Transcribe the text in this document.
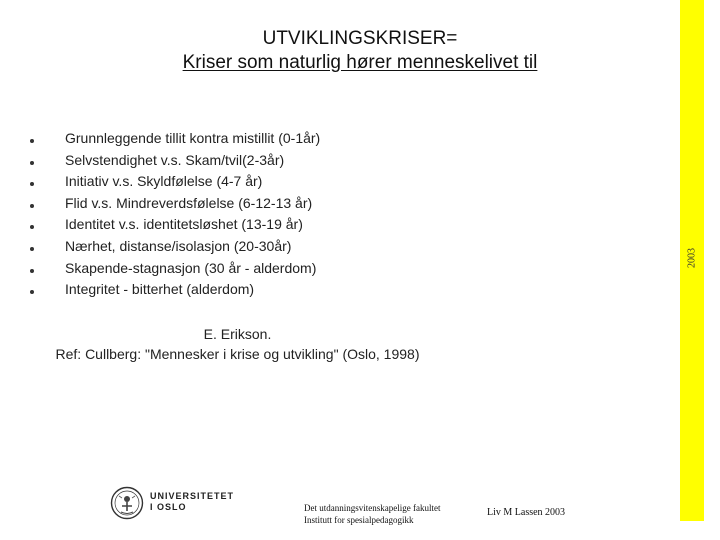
UTVIKLINGSKRISER=
Kriser som naturlig hører menneskelivet til
Grunnleggende tillit kontra mistillit (0-1år)
Selvstendighet v.s. Skam/tvil(2-3år)
Initiativ v.s. Skyldfølelse (4-7 år)
Flid v.s. Mindreverdsfølelse (6-12-13 år)
Identitet v.s. identitetsløshet (13-19 år)
Nærhet, distanse/isolasjon (20-30år)
Skapende-stagnasjon (30 år - alderdom)
Integritet - bitterhet (alderdom)
2003
E. Erikson.
Ref: Cullberg: "Mennesker i krise og utvikling" (Oslo, 1998)
UNIVERSITETET
I OSLO	Det utdanningsvitenskapelige fakultet
Institutt for spesialpedagogikk
Liv M Lassen 2003
